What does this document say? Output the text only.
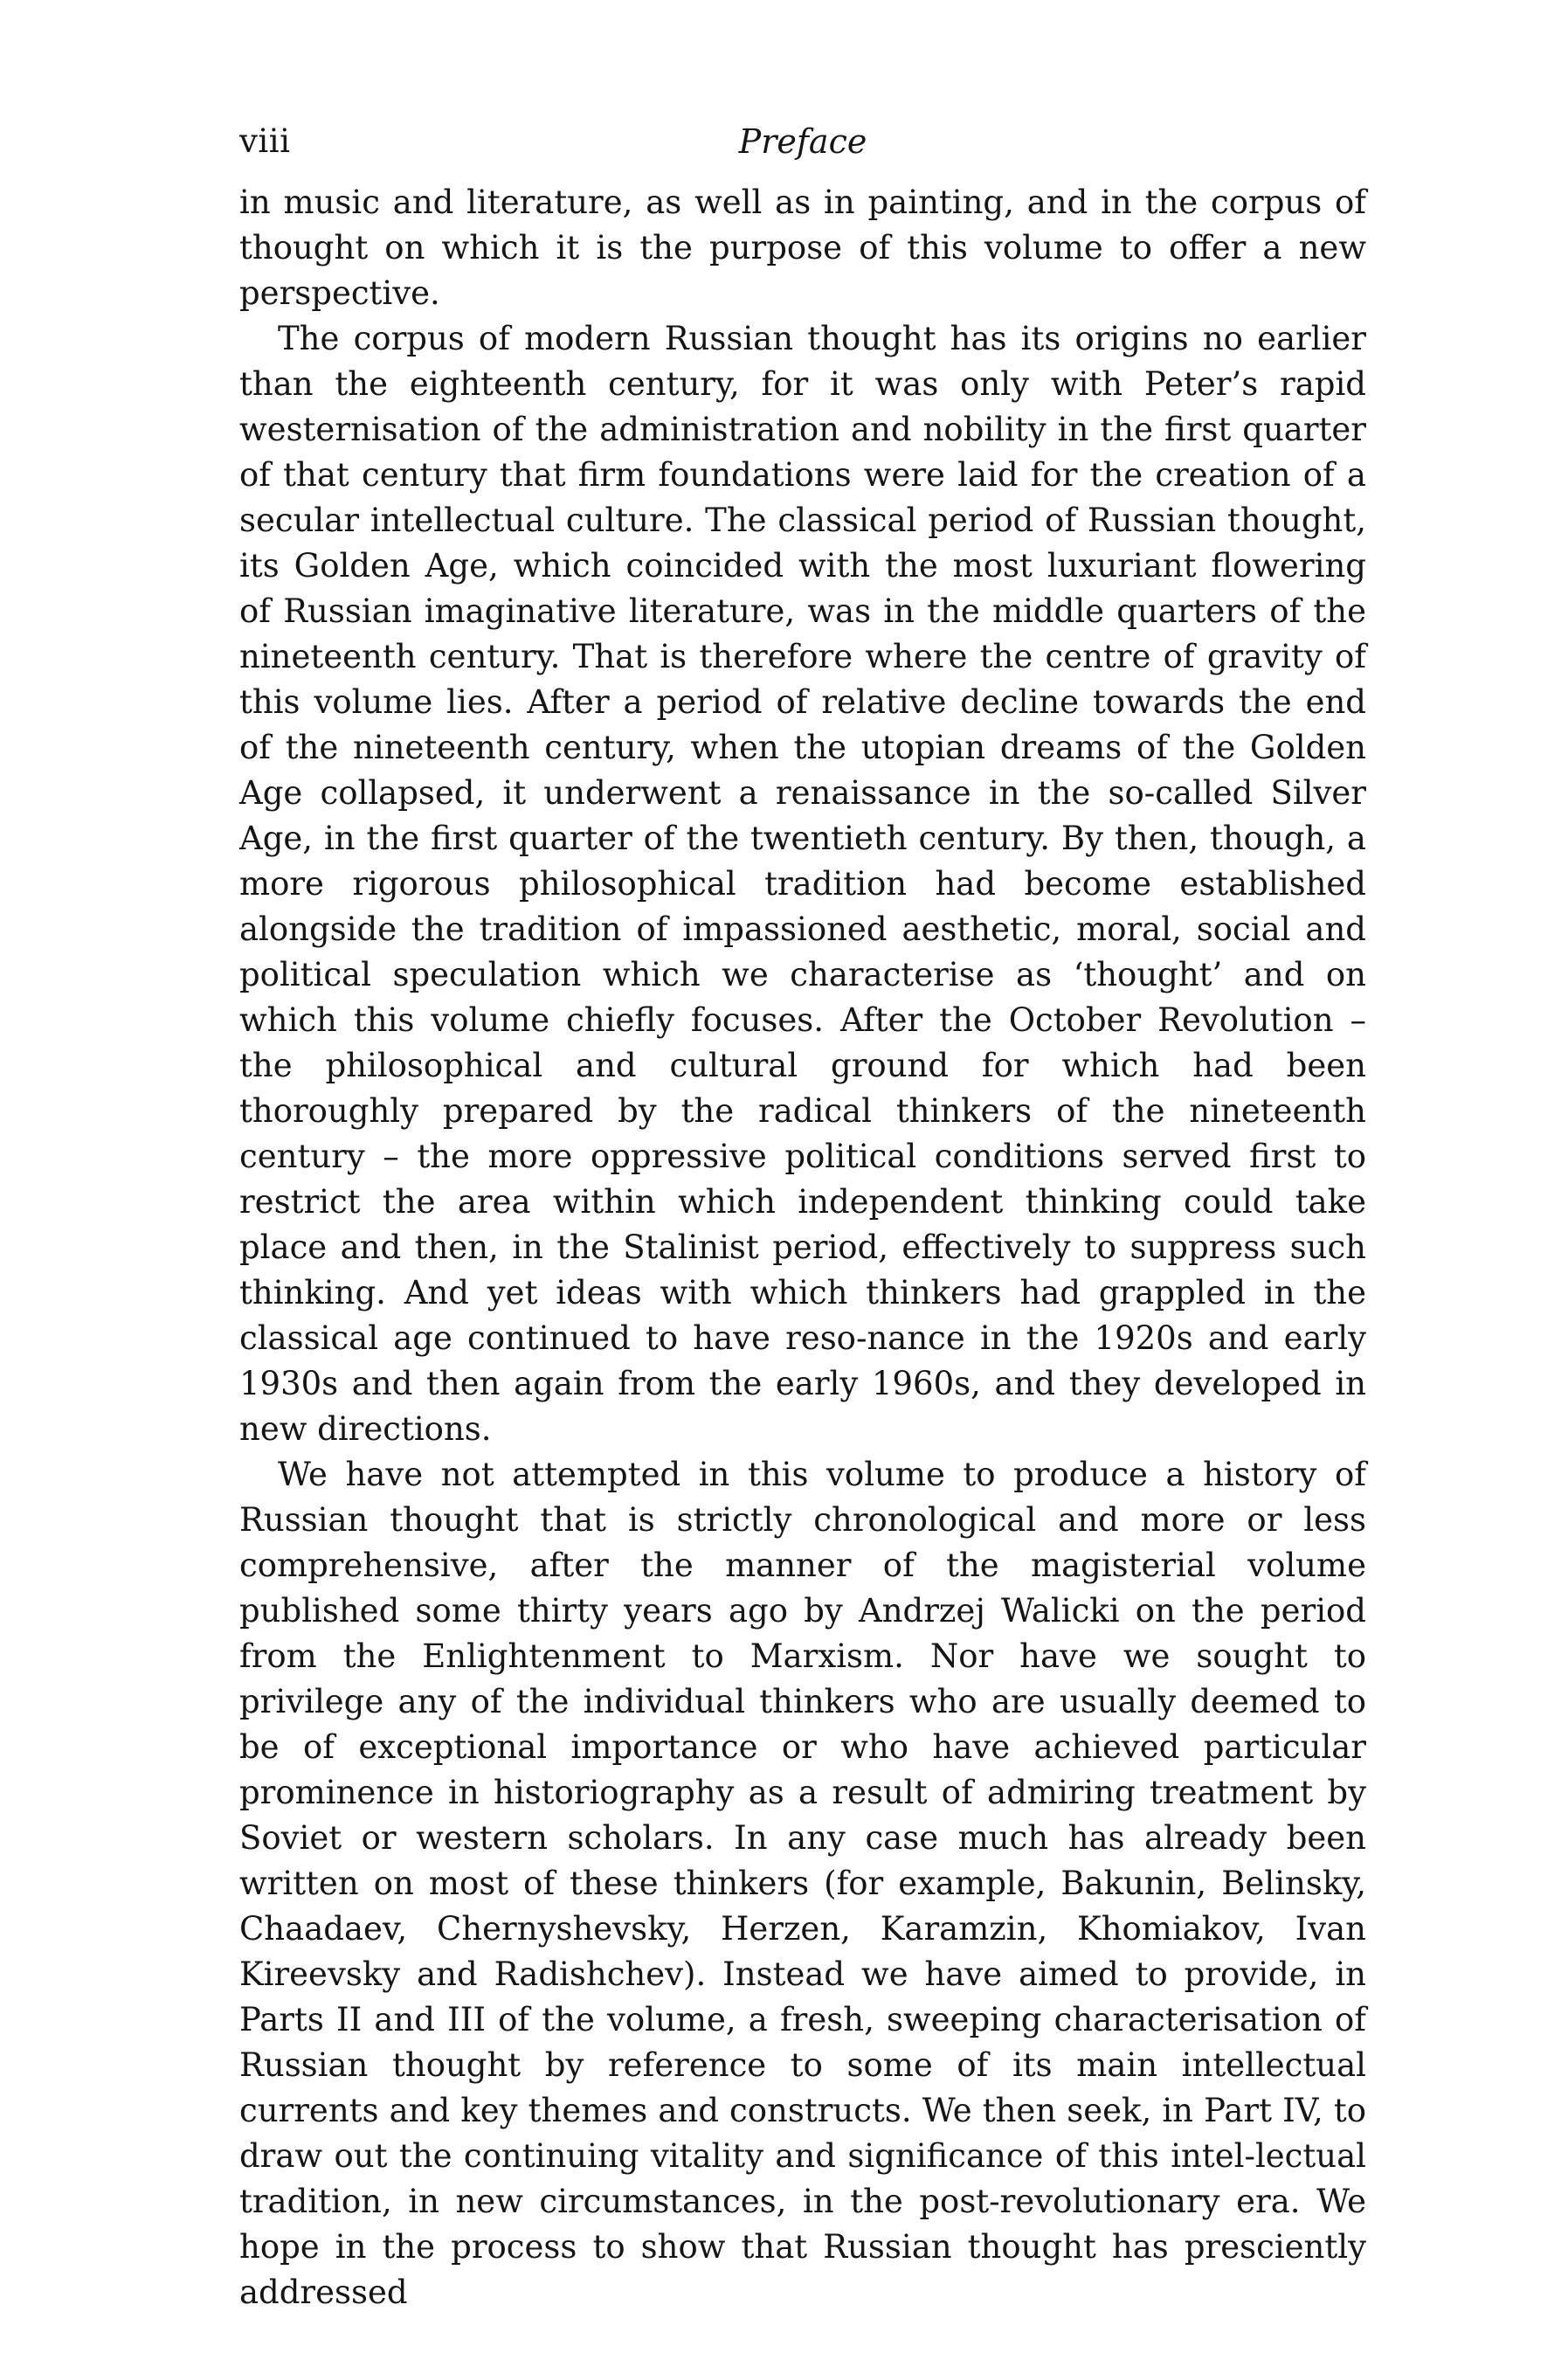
viii	Preface

in music and literature, as well as in painting, and in the corpus of thought on which it is the purpose of this volume to offer a new perspective.

The corpus of modern Russian thought has its origins no earlier than the eighteenth century, for it was only with Peter’s rapid westernisation of the administration and nobility in the first quarter of that century that firm foundations were laid for the creation of a secular intellectual culture. The classical period of Russian thought, its Golden Age, which coincided with the most luxuriant flowering of Russian imaginative literature, was in the middle quarters of the nineteenth century. That is therefore where the centre of gravity of this volume lies. After a period of relative decline towards the end of the nineteenth century, when the utopian dreams of the Golden Age collapsed, it underwent a renaissance in the so-called Silver Age, in the first quarter of the twentieth century. By then, though, a more rigorous philosophical tradition had become established alongside the tradition of impassioned aesthetic, moral, social and political speculation which we characterise as ‘thought’ and on which this volume chiefly focuses. After the October Revolution – the philosophical and cultural ground for which had been thoroughly prepared by the radical thinkers of the nineteenth century – the more oppressive political conditions served first to restrict the area within which independent thinking could take place and then, in the Stalinist period, effectively to suppress such thinking. And yet ideas with which thinkers had grappled in the classical age continued to have reso-nance in the 1920s and early 1930s and then again from the early 1960s, and they developed in new directions.

We have not attempted in this volume to produce a history of Russian thought that is strictly chronological and more or less comprehensive, after the manner of the magisterial volume published some thirty years ago by Andrzej Walicki on the period from the Enlightenment to Marxism. Nor have we sought to privilege any of the individual thinkers who are usually deemed to be of exceptional importance or who have achieved particular prominence in historiography as a result of admiring treatment by Soviet or western scholars. In any case much has already been written on most of these thinkers (for example, Bakunin, Belinsky, Chaadaev, Chernyshevsky, Herzen, Karamzin, Khomiakov, Ivan Kireevsky and Radishchev). Instead we have aimed to provide, in Parts II and III of the volume, a fresh, sweeping characterisation of Russian thought by reference to some of its main intellectual currents and key themes and constructs. We then seek, in Part IV, to draw out the continuing vitality and significance of this intel-lectual tradition, in new circumstances, in the post-revolutionary era. We hope in the process to show that Russian thought has presciently addressed
